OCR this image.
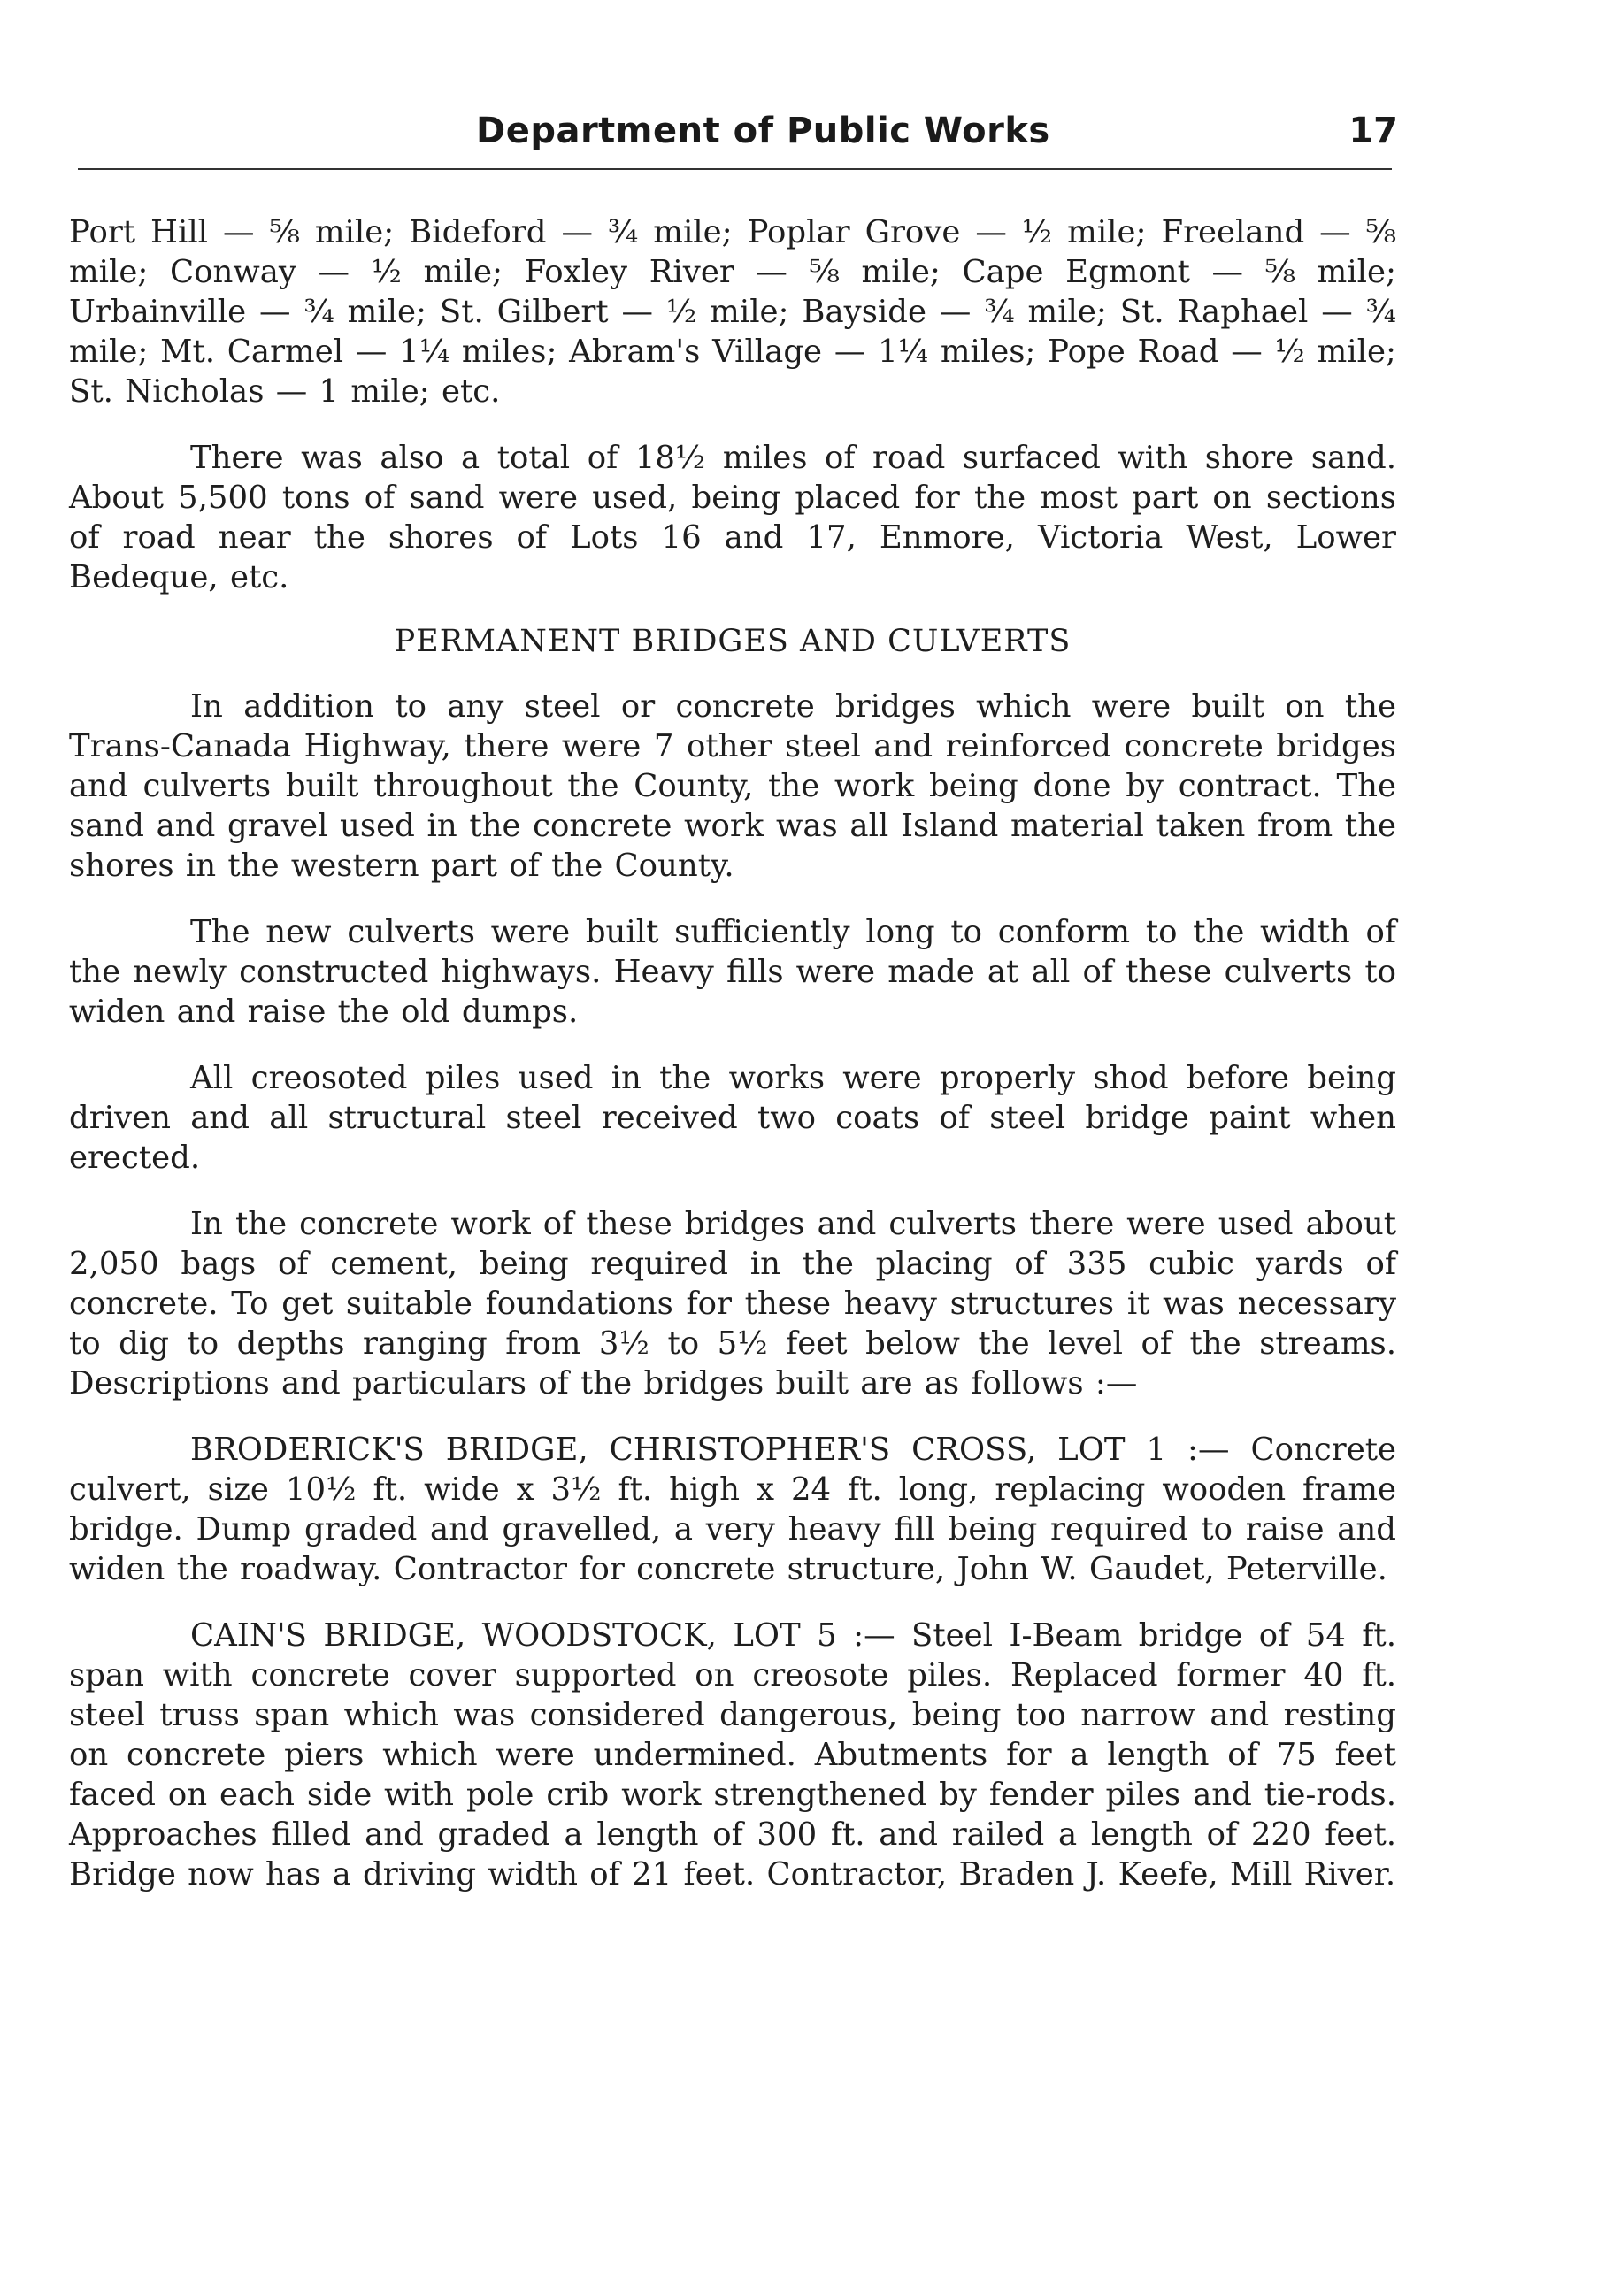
Department of Public Works	17

Port Hill — ⅝ mile; Bideford — ¾ mile; Poplar Grove — ½ mile; Freeland — ⅝ mile; Conway — ½ mile; Foxley River — ⅝ mile; Cape Egmont — ⅝ mile; Urbainville — ¾ mile; St. Gilbert — ½ mile; Bayside — ¾ mile; St. Raphael — ¾ mile; Mt. Carmel — 1¼ miles; Abram's Village — 1¼ miles; Pope Road — ½ mile; St. Nicholas — 1 mile; etc.

There was also a total of 18½ miles of road surfaced with shore sand. About 5,500 tons of sand were used, being placed for the most part on sections of road near the shores of Lots 16 and 17, Enmore, Victoria West, Lower Bedeque, etc.

PERMANENT BRIDGES AND CULVERTS

In addition to any steel or concrete bridges which were built on the Trans-Canada Highway, there were 7 other steel and reinforced concrete bridges and culverts built throughout the County, the work being done by contract. The sand and gravel used in the concrete work was all Island material taken from the shores in the western part of the County.

The new culverts were built sufficiently long to conform to the width of the newly constructed highways. Heavy fills were made at all of these culverts to widen and raise the old dumps.

All creosoted piles used in the works were properly shod before being driven and all structural steel received two coats of steel bridge paint when erected.

In the concrete work of these bridges and culverts there were used about 2,050 bags of cement, being required in the placing of 335 cubic yards of concrete. To get suitable foundations for these heavy structures it was necessary to dig to depths ranging from 3½ to 5½ feet below the level of the streams. Descriptions and particulars of the bridges built are as follows :—

BRODERICK'S BRIDGE, CHRISTOPHER'S CROSS, LOT 1 :— Concrete culvert, size 10½ ft. wide x 3½ ft. high x 24 ft. long, replacing wooden frame bridge. Dump graded and gravelled, a very heavy fill being required to raise and widen the roadway. Contractor for concrete structure, John W. Gaudet, Peterville.

CAIN'S BRIDGE, WOODSTOCK, LOT 5 :— Steel I-Beam bridge of 54 ft. span with concrete cover supported on creosote piles. Replaced former 40 ft. steel truss span which was considered dangerous, being too narrow and resting on concrete piers which were undermined. Abutments for a length of 75 feet faced on each side with pole crib work strengthened by fender piles and tie-rods. Approaches filled and graded a length of 300 ft. and railed a length of 220 feet. Bridge now has a driving width of 21 feet. Contractor, Braden J. Keefe, Mill River.
